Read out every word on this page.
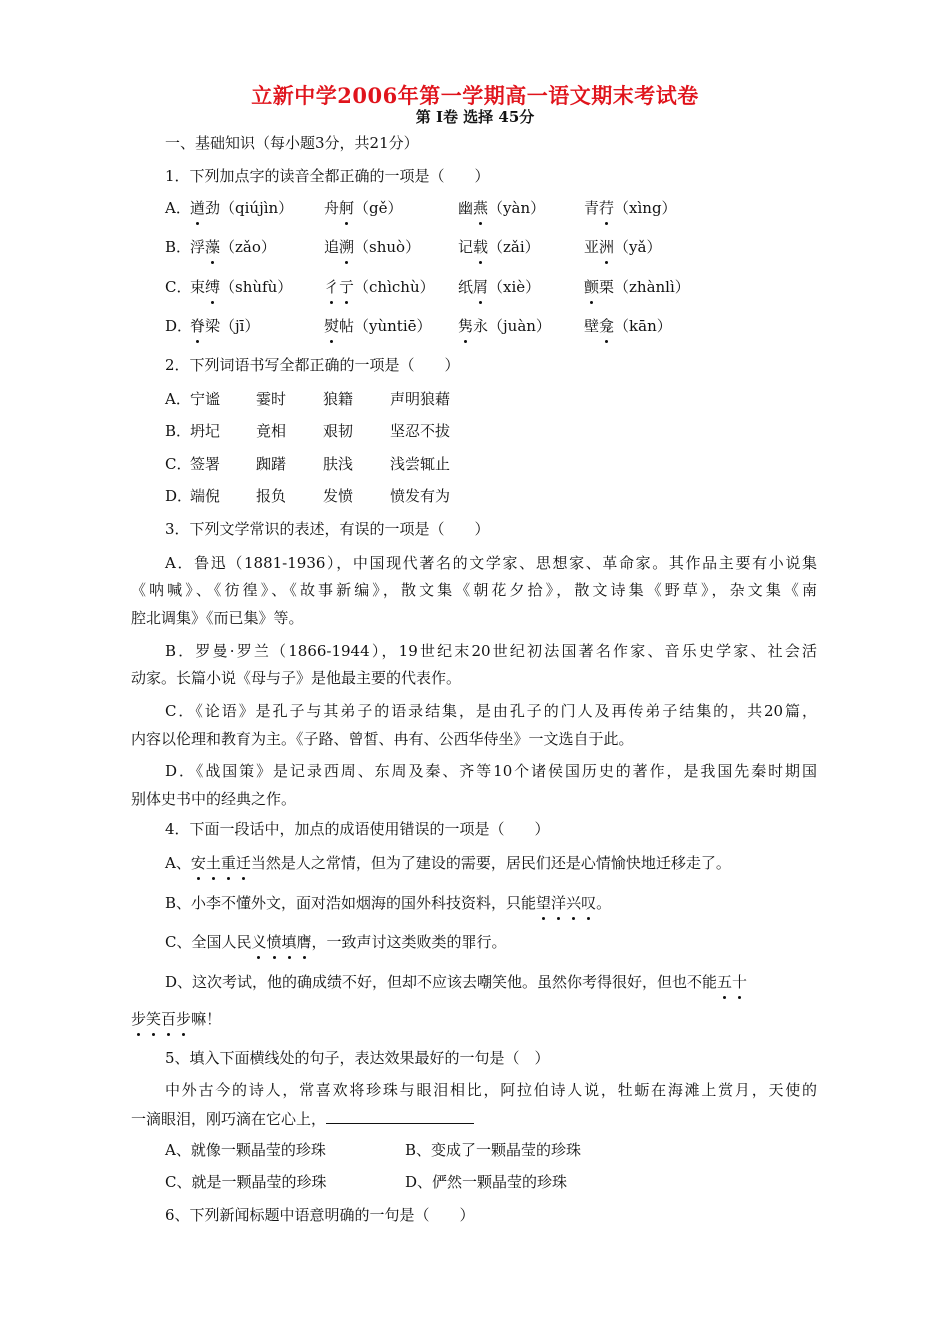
立新中学2006年第一学期高一语文期末考试卷
第 I卷 选择 45分
一、基础知识（每小题3分，共21分）
1．下列加点字的读音全都正确的一项是（　　）
A． 遒劲（qiújìn） 舟舸（gě）	幽燕（yàn）	青荇（xìng）
B．
浮藻（zǎo）	追溯（shuò）	记载（zǎi）	亚洲（yǎ）
C．
束缚（shùfù） 彳亍（chìchù） 纸屑（xiè）	颤栗（zhànlì）
D．
脊梁（jī）	熨帖（yùntiē） 隽永（juàn） 壁龛（kān）
2．下列词语书写全都正确的一项是（　　）
A． 宁谧 霎时 狼籍 声明狼藉
B．
坍圮 竟相 艰韧 坚忍不拔
C．
签署 踟躇 肤浅 浅尝辄止
D．
端倪 报负 发愤 愤发有为
3．下列文学常识的表述，有误的一项是（　　）
A．鲁迅（1881-1936），中国现代著名的文学家、思想家、革命家。其作品主要有小说集
《呐喊》、《彷徨》、《故事新编》，散文集《朝花夕拾》，散文诗集《野草》，杂文集《南
腔北调集》《而已集》等。
B．罗曼·罗兰（1866-1944），19世纪末20世纪初法国著名作家、音乐史学家、社会活
动家。长篇小说《母与子》是他最主要的代表作。
C．《论语》是孔子与其弟子的语录结集，是由孔子的门人及再传弟子结集的，共20篇，
内容以伦理和教育为主。《子路、曾皙、冉有、公西华侍坐》一文选自于此。
D．《战国策》是记录西周、东周及秦、齐等10个诸侯国历史的著作，是我国先秦时期国
别体史书中的经典之作。
4．下面一段话中，加点的成语使用错误的一项是（　　）
A、安土重迁当然是人之常情，但为了建设的需要，居民们还是心情愉快地迁移走了。
B、小李不懂外文，面对浩如烟海的国外科技资料，只能望洋兴叹。
C、全国人民义愤填膺，一致声讨这类败类的罪行。
D、这次考试，他的确成绩不好，但却不应该去嘲笑他。虽然你考得很好，但也不能五十
步笑百步嘛！
5、填入下面横线处的句子，表达效果最好的一句是（　）
中外古今的诗人，常喜欢将珍珠与眼泪相比，阿拉伯诗人说，牡蛎在海滩上赏月，天使的
一滴眼泪，刚巧滴在它心上，
A、就像一颗晶莹的珍珠	B、变成了一颗晶莹的珍珠
C、就是一颗晶莹的珍珠	D、俨然一颗晶莹的珍珠
6、下列新闻标题中语意明确的一句是（　　）
